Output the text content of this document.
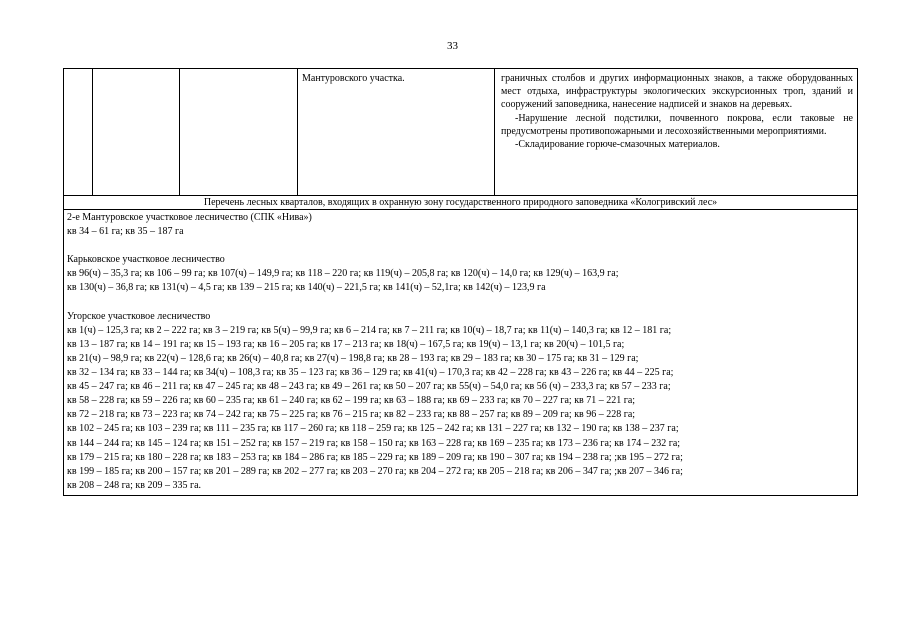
33
Мантуровского участка.	граничных столбов и других информационных знаков, а также оборудованных мест отдыха, инфраструктуры экологических экскурсионных троп, зданий и сооружений заповедника, нанесение надписей и знаков на деревьях.

-Нарушение лесной подстилки, почвенного покрова, если таковые не предусмотрены противопожарными и лесохозяйственными мероприятиями.

-Складирование горюче-смазочных материалов.

Перечень лесных кварталов, входящих в охранную зону государственного природного заповедника «Кологривский лес»
2-е Мантуровское участковое лесничество (СПК «Нива»)
кв 34 – 61 га; кв 35 – 187 га
Карьковское участковое лесничество
кв 96(ч) – 35,3 га; кв 106 – 99 га; кв 107(ч) – 149,9 га; кв 118 – 220 га; кв 119(ч) – 205,8 га; кв 120(ч) – 14,0 га; кв 129(ч) – 163,9 га;
кв 130(ч) – 36,8 га; кв 131(ч) – 4,5 га; кв 139 – 215 га; кв 140(ч) – 221,5 га; кв 141(ч) – 52,1га; кв 142(ч) – 123,9 га
Угорское участковое лесничество
кв 1(ч) – 125,3 га; кв 2 – 222 га; кв 3 – 219 га; кв 5(ч) – 99,9 га; кв 6 – 214 га; кв 7 – 211 га; кв 10(ч) – 18,7 га; кв 11(ч) – 140,3 га; кв 12 – 181 га;
кв 13 – 187 га; кв 14 – 191 га; кв 15 – 193 га; кв 16 – 205 га; кв 17 – 213 га; кв 18(ч) – 167,5 га; кв 19(ч) – 13,1 га; кв 20(ч) – 101,5 га;
кв 21(ч) – 98,9 га; кв 22(ч) – 128,6 га; кв 26(ч) – 40,8 га; кв 27(ч) – 198,8 га; кв 28 – 193 га; кв 29 – 183 га; кв 30 – 175 га; кв 31 – 129 га;
кв 32 – 134 га; кв 33 – 144 га; кв 34(ч) – 108,3 га; кв 35 – 123 га; кв 36 – 129 га; кв 41(ч) – 170,3 га; кв 42 – 228 га; кв 43 – 226 га; кв 44 – 225 га;
кв 45 – 247 га; кв 46 – 211 га; кв 47 – 245 га; кв 48 – 243 га; кв 49 – 261 га; кв 50 – 207 га; кв 55(ч) – 54,0 га; кв 56 (ч) – 233,3 га; кв 57 – 233 га;
кв 58 – 228 га; кв 59 – 226 га; кв 60 – 235 га; кв 61 – 240 га; кв 62 – 199 га; кв 63 – 188 га; кв 69 – 233 га; кв 70 – 227 га; кв 71 – 221 га;
кв 72 – 218 га; кв 73 – 223 га; кв 74 – 242 га; кв 75 – 225 га; кв 76 – 215 га; кв 82 – 233 га; кв 88 – 257 га; кв 89 – 209 га; кв 96 – 228 га;
кв 102 – 245 га; кв 103 – 239 га; кв 111 – 235 га; кв 117 – 260 га; кв 118 – 259 га; кв 125 – 242 га; кв 131 – 227 га; кв 132 – 190 га; кв 138 – 237 га;
кв 144 – 244 га; кв 145 – 124 га; кв 151 – 252 га; кв 157 – 219 га; кв 158 – 150 га; кв 163 – 228 га; кв 169 – 235 га; кв 173 – 236 га; кв 174 – 232 га;
кв 179 – 215 га; кв 180 – 228 га; кв 183 – 253 га; кв 184 – 286 га; кв 185 – 229 га; кв 189 – 209 га; кв 190 – 307 га; кв 194 – 238 га; ;кв 195 – 272 га;
кв 199 – 185 га; кв 200 – 157 га; кв 201 – 289 га; кв 202 – 277 га; кв 203 – 270 га; кв 204 – 272 га; кв 205 – 218 га; кв 206 – 347 га; ;кв 207 – 346 га;
кв 208 – 248 га; кв 209 – 335 га.
